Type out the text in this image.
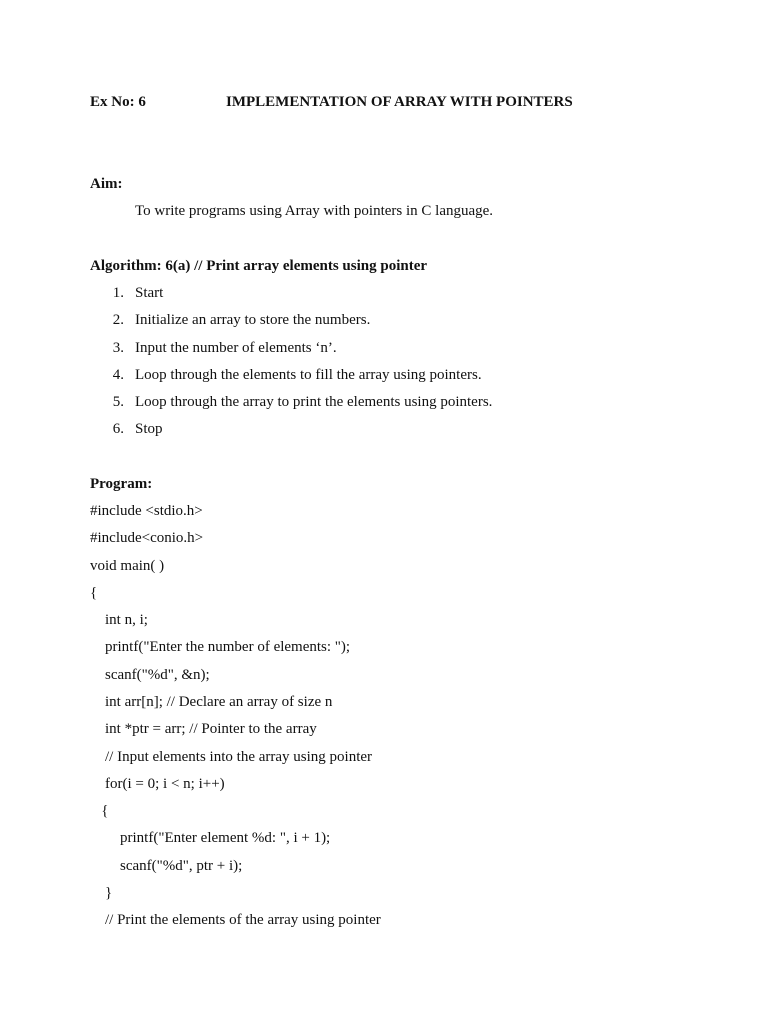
Ex No: 6	IMPLEMENTATION OF ARRAY WITH POINTERS
Aim:
To write programs using Array with pointers in C language.
Algorithm: 6(a) // Print array elements using pointer
1. Start
2. Initialize an array to store the numbers.
3. Input the number of elements ‘n’.
4. Loop through the elements to fill the array using pointers.
5. Loop through the array to print the elements using pointers.
6. Stop
Program:
#include <stdio.h>
#include<conio.h>
void main( )
{
int n, i;
printf("Enter the number of elements: ");
scanf("%d", &n);
int arr[n]; // Declare an array of size n
int *ptr = arr; // Pointer to the array
// Input elements into the array using pointer
for(i = 0; i < n; i++)
{
printf("Enter element %d: ", i + 1);
scanf("%d", ptr + i);
}
// Print the elements of the array using pointer
